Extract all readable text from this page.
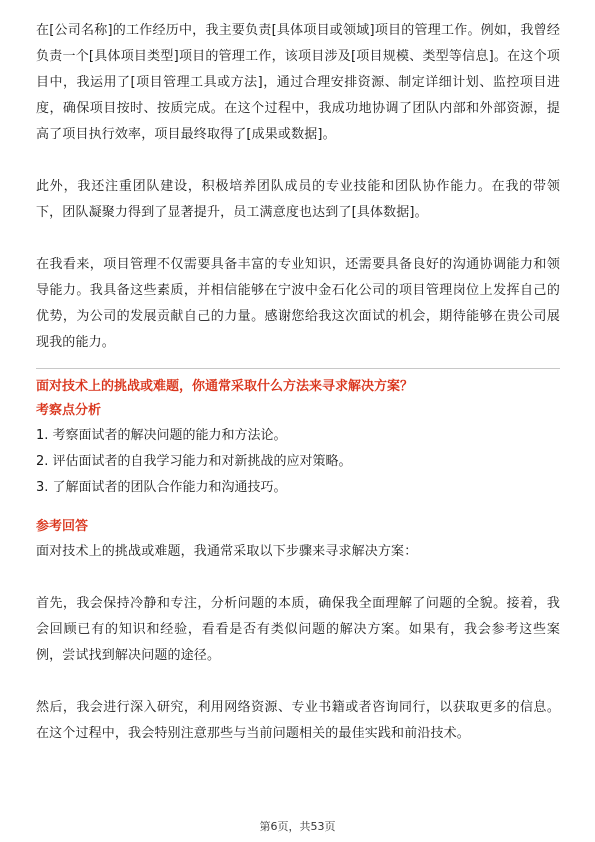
在[公司名称]的工作经历中，我主要负责[具体项目或领域]项目的管理工作。例如，我曾经负责一个[具体项目类型]项目的管理工作，该项目涉及[项目规模、类型等信息]。在这个项目中，我运用了[项目管理工具或方法]，通过合理安排资源、制定详细计划、监控项目进度，确保项目按时、按质完成。在这个过程中，我成功地协调了团队内部和外部资源，提高了项目执行效率，项目最终取得了[成果或数据]。

此外，我还注重团队建设，积极培养团队成员的专业技能和团队协作能力。在我的带领下，团队凝聚力得到了显著提升，员工满意度也达到了[具体数据]。

在我看来，项目管理不仅需要具备丰富的专业知识，还需要具备良好的沟通协调能力和领导能力。我具备这些素质，并相信能够在宁波中金石化公司的项目管理岗位上发挥自己的优势，为公司的发展贡献自己的力量。感谢您给我这次面试的机会，期待能够在贵公司展现我的能力。

面对技术上的挑战或难题，你通常采取什么方法来寻求解决方案？

考察点分析

1. 考察面试者的解决问题的能力和方法论。

2. 评估面试者的自我学习能力和对新挑战的应对策略。

3. 了解面试者的团队合作能力和沟通技巧。

参考回答

面对技术上的挑战或难题，我通常采取以下步骤来寻求解决方案：

首先，我会保持冷静和专注，分析问题的本质，确保我全面理解了问题的全貌。接着，我会回顾已有的知识和经验，看看是否有类似问题的解决方案。如果有，我会参考这些案例，尝试找到解决问题的途径。

然后，我会进行深入研究，利用网络资源、专业书籍或者咨询同行，以获取更多的信息。在这个过程中，我会特别注意那些与当前问题相关的最佳实践和前沿技术。

第6页，共53页
